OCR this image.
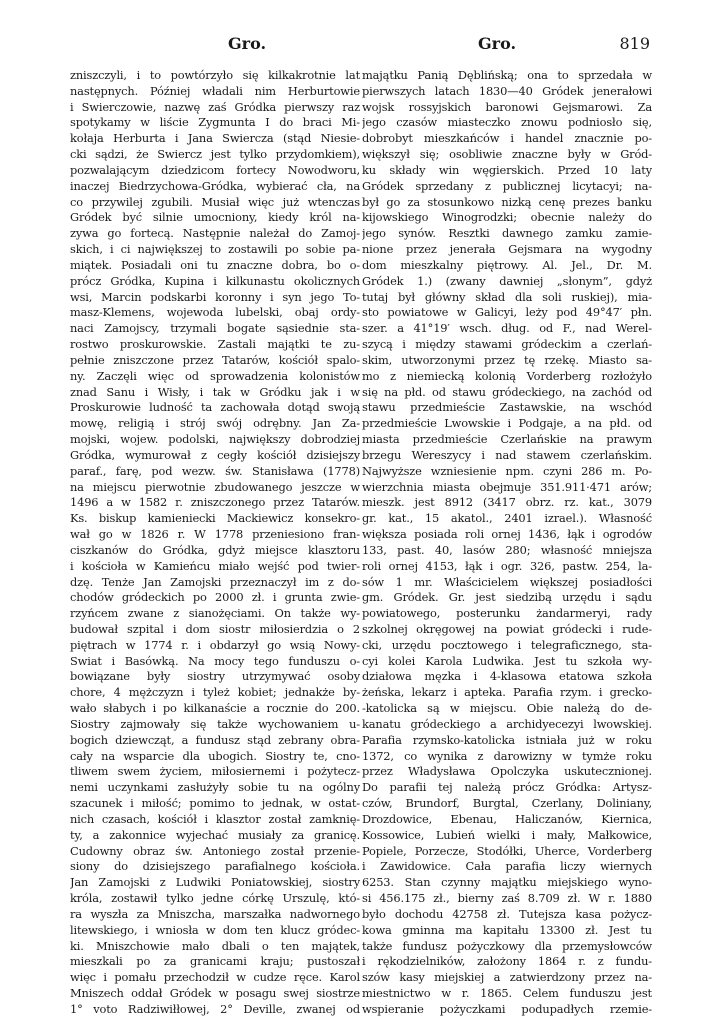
Gro.	Gro.	819
zniszczyli, i to powtórzyło się kilkakrotnie lat
następnych. Później władali nim Herburtowie
i Swierczowie, nazwę zaś Gródka pierwszy raz
spotykamy w liście Zygmunta I do braci Mi-
kołaja Herburta i Jana Swiercza (stąd Niesie-
cki sądzi, że Swiercz jest tylko przydomkiem),
pozwalającym dziedzicom fortecy Nowodworu,
inaczej Biedrzychowa-Gródka, wybierać cła, na
co przywilej zgubili. Musiał więc już wtenczas
Gródek być silnie umocniony, kiedy król na-
zywa go fortecą. Następnie należał do Zamoj-
skich, i ci największej to zostawili po sobie pa-
miątek. Posiadali oni tu znaczne dobra, bo o-
prócz Gródka, Kupina i kilkunastu okolicznych
wsi, Marcin podskarbi koronny i syn jego To-
masz-Klemens, wojewoda lubelski, obaj ordy-
naci Zamojscy, trzymali bogate sąsiednie sta-
rostwo proskurowskie. Zastali majątki te zu-
pełnie zniszczone przez Tatarów, kościół spalo-
ny. Zaczęli więc od sprowadzenia kolonistów
znad Sanu i Wisły, i tak w Gródku jak i w
Proskurowie ludność ta zachowała dotąd swoją
mowę, religią i strój swój odrębny. Jan Za-
mojski, wojew. podolski, największy dobrodziej
Gródka, wymurował z cegły kościół dzisiejszy
paraf., farę, pod wezw. św. Stanisława (1778)
na miejscu pierwotnie zbudowanego jeszcze w
1496 a w 1582 r. zniszczonego przez Tatarów.
Ks. biskup kamieniecki Mackiewicz konsekro-
wał go w 1826 r. W 1778 przeniesiono fran-
ciszkanów do Gródka, gdyż miejsce klasztoru
i kościoła w Kamieńcu miało wejść pod twier-
dzę. Tenże Jan Zamojski przeznaczył im z do-
chodów gródeckich po 2000 zł. i grunta zwie-
rzyńcem zwane z sianożęciami. On także wy-
budował szpital i dom siostr miłosierdzia o 2
piętrach w 1774 r. i obdarzył go wsią Nowy-
Swiat i Basówką. Na mocy tego funduszu o-
bowiązane były siostry utrzymywać osoby
chore, 4 mężczyzn i tyleż kobiet; jednakże by-
wało słabych i po kilkanaście a rocznie do 200.
Siostry zajmowały się także wychowaniem u-
bogich dziewcząt, a fundusz stąd zebrany obra-
cały na wsparcie dla ubogich. Siostry te, cno-
tliwem swem życiem, miłosiernemi i pożytecz-
nemi uczynkami zasłużyły sobie tu na ogólny
szacunek i miłość; pomimo to jednak, w ostat-
nich czasach, kościół i klasztor został zamknię-
ty, a zakonnice wyjechać musiały za granicę.
Cudowny obraz św. Antoniego został przenie-
siony do dzisiejszego parafialnego kościoła.
Jan Zamojski z Ludwiki Poniatowskiej, siostry
króla, zostawił tylko jedne córkę Urszulę, któ-
ra wyszła za Mniszcha, marszałka nadwornego
litewskiego, i wniosła w dom ten klucz gródec-
ki. Mniszchowie mało dbali o ten majątek,
mieszkali po za granicami kraju; pustoszał
więc i pomału przechodził w cudze ręce. Karol
Mniszech oddał Gródek w posagu swej siostrze
1° voto Radziwiłłowej, 2° Deville, zwanej od
majątku Panią Dęblińską; ona to sprzedała w
pierwszych latach 1830—40 Gródek jenerałowi
wojsk rossyjskich baronowi Gejsmarowi. Za
jego czasów miasteczko znowu podniosło się,
dobrobyt mieszkańców i handel znacznie po-
większył się; osobliwie znaczne były w Gród-
ku składy win węgierskich. Przed 10 laty
Gródek sprzedany z publicznej licytacyi; na-
był go za stosunkowo nizką cenę prezes banku
kijowskiego Winogrodzki; obecnie należy do
jego synów. Resztki dawnego zamku zamie-
nione przez jenerała Gejsmara na wygodny
dom mieszkalny piętrowy. Al. Jel., Dr. M.
Gródek 1.) (zwany dawniej „słonym”, gdyż
tutaj był główny skład dla soli ruskiej), mia-
sto powiatowe w Galicyi, leży pod 49°47′ płn.
szer. a 41°19′ wsch. dług. od F., nad Werel-
szycą i między stawami gródeckim a czerlań-
skim, utworzonymi przez tę rzekę. Miasto sa-
mo z niemiecką kolonią Vorderberg rozłożyło
się na płd. od stawu gródeckiego, na zachód od
stawu przedmieście Zastawskie, na wschód
przedmieście Lwowskie i Podgaje, a na płd. od
miasta przedmieście Czerlańskie na prawym
brzegu Wereszycy i nad stawem czerlańskim.
Najwyższe wzniesienie npm. czyni 286 m. Po-
wierzchnia miasta obejmuje 351.911·471 arów;
mieszk. jest 8912 (3417 obrz. rz. kat., 3079
gr. kat., 15 akatol., 2401 izrael.). Własność
większa posiada roli ornej 1436, łąk i ogrodów
133, past. 40, lasów 280; własność mniejsza
roli ornej 4153, łąk i ogr. 326, pastw. 254, la-
sów 1 mr. Właścicielem większej posiadłości
gm. Gródek. Gr. jest siedzibą urzędu i sądu
powiatowego, posterunku żandarmeryi, rady
szkolnej okręgowej na powiat gródecki i rude-
cki, urzędu pocztowego i telegraficznego, sta-
cyi kolei Karola Ludwika. Jest tu szkoła wy-
działowa męzka i 4-klasowa etatowa szkoła
żeńska, lekarz i apteka. Parafia rzym. i grecko-
-katolicka są w miejscu. Obie należą do de-
kanatu gródeckiego a archidyecezyi lwowskiej.
Parafia rzymsko-katolicka istniała już w roku
1372, co wynika z darowizny w tymże roku
przez Władysława Opolczyka uskutecznionej.
Do parafii tej należą prócz Gródka: Artysz-
czów, Brundorf, Burgtal, Czerlany, Doliniany,
Drozdowice, Ebenau, Haliczanów, Kiernica,
Kossowice, Lubień wielki i mały, Małkowice,
Popiele, Porzecze, Stodółki, Uherce, Vorderberg
i Zawidowice. Cała parafia liczy wiernych
6253. Stan czynny majątku miejskiego wyno-
si 456.175 zł., bierny zaś 8.709 zł. W r. 1880
było dochodu 42758 zł. Tutejsza kasa pożycz-
kowa gminna ma kapitału 13300 zł. Jest tu
także fundusz pożyczkowy dla przemysłowców
i rękodzielników, założony 1864 r. z fundu-
szów kasy miejskiej a zatwierdzony przez na-
miestnictwo w r. 1865. Celem funduszu jest
wspieranie pożyczkami podupadłych rzemie-
